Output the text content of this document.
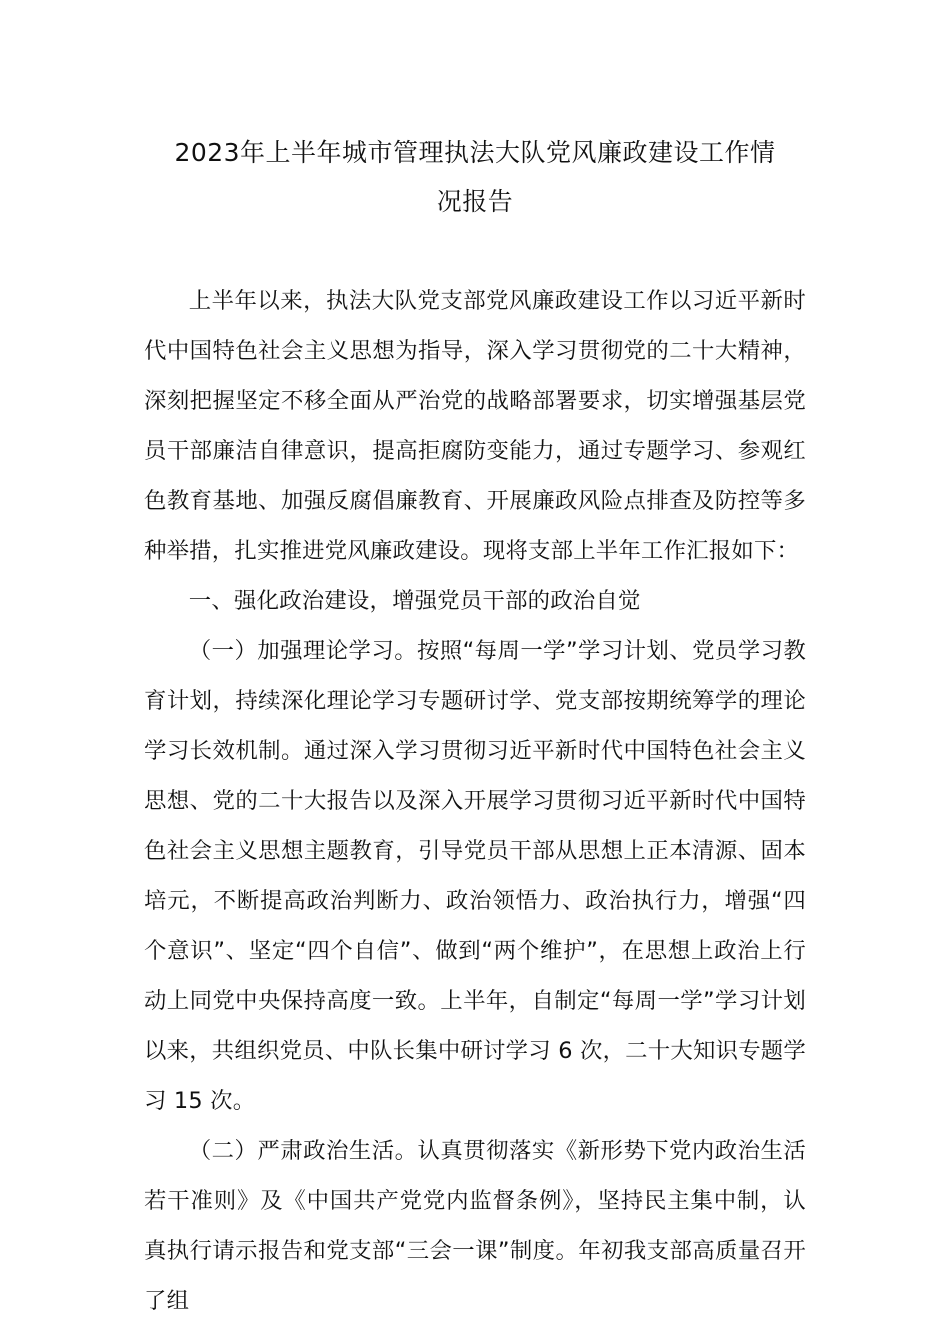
2023年上半年城市管理执法大队党风廉政建设工作情
况报告

上半年以来，执法大队党支部党风廉政建设工作以习近平新时代中国特色社会主义思想为指导，深入学习贯彻党的二十大精神，深刻把握坚定不移全面从严治党的战略部署要求，切实增强基层党员干部廉洁自律意识，提高拒腐防变能力，通过专题学习、参观红色教育基地、加强反腐倡廉教育、开展廉政风险点排查及防控等多种举措，扎实推进党风廉政建设。现将支部上半年工作汇报如下：

一、强化政治建设，增强党员干部的政治自觉

（一）加强理论学习。按照“每周一学”学习计划、党员学习教育计划，持续深化理论学习专题研讨学、党支部按期统筹学的理论学习长效机制。通过深入学习贯彻习近平新时代中国特色社会主义思想、党的二十大报告以及深入开展学习贯彻习近平新时代中国特色社会主义思想主题教育，引导党员干部从思想上正本清源、固本培元，不断提高政治判断力、政治领悟力、政治执行力，增强“四个意识”、坚定“四个自信”、做到“两个维护”，在思想上政治上行动上同党中央保持高度一致。上半年，自制定“每周一学”学习计划以来，共组织党员、中队长集中研讨学习 6 次，二十大知识专题学习 15 次。

（二）严肃政治生活。认真贯彻落实《新形势下党内政治生活若干准则》及《中国共产党党内监督条例》，坚持民主集中制，认真执行请示报告和党支部“三会一课”制度。年初我支部高质量召开了组
